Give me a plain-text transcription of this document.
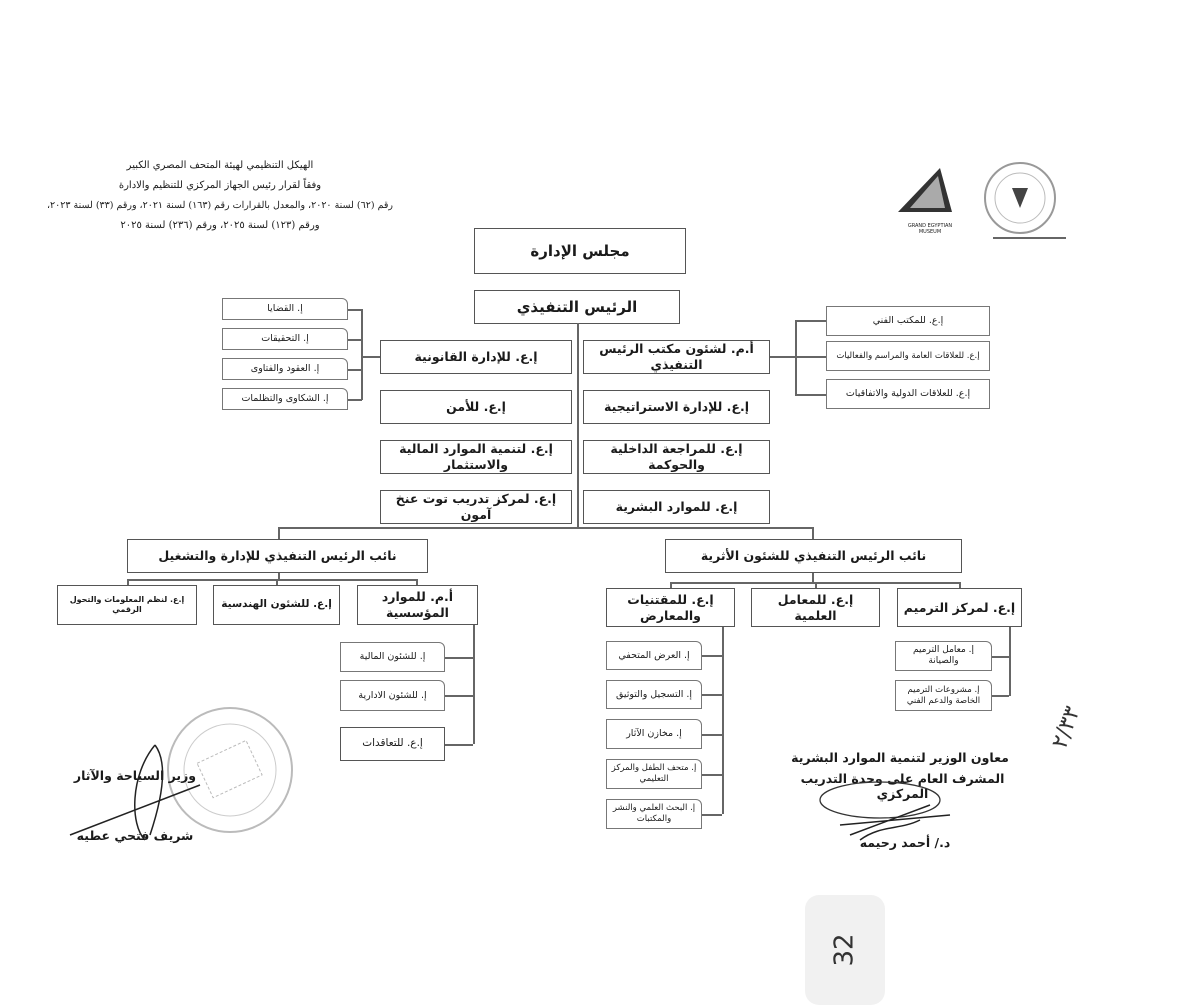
الهيكل التنظيمي لهيئة المتحف المصري الكبير
وفقاً لقرار رئيس الجهاز المركزي للتنظيم والادارة
رقم (٦٢) لسنة ٢٠٢٠، والمعدل بالقرارات رقم (١٦٣) لسنة ٢٠٢١، ورقم (٣٣) لسنة ٢٠٢٣،
ورقم (١٢٣) لسنة ٢٠٢٥، ورقم (٢٣٦) لسنة ٢٠٢٥	GRAND EGYPTIAN MUSEUM
مجلس الإدارة
الرئيس التنفيذي
أ.م. لشئون مكتب الرئيس التنفيذي
إ.ع. للإدارة الاستراتيجية
إ.ع. للمراجعة الداخلية والحوكمة
إ.ع. للموارد البشرية
إ.ع. للإدارة القانونية
إ.ع. للأمن
إ.ع. لتنمية الموارد المالية والاستثمار
إ.ع. لمركز تدريب توت عنخ آمون
إ. القضايا
إ. التحقيقات
إ. العقود والفتاوى
إ. الشكاوى والتظلمات
إ.ع. للمكتب الفني
إ.ع. للعلاقات العامة والمراسم والفعاليات
إ.ع. للعلاقات الدولية والاتفاقيات
نائب الرئيس التنفيذي للإدارة والتشغيل	نائب الرئيس التنفيذي للشئون الأثرية
أ.م. للموارد المؤسسية
إ.ع. للشئون الهندسية
إ.ع. لنظم المعلومات والتحول الرقمي
إ. للشئون المالية
إ. للشئون الادارية
إ.ع. للتعاقدات
إ.ع. لمركز الترميم
إ.ع. للمعامل العلمية
إ.ع. للمقتنيات والمعارض
إ. العرض المتحفي
إ. التسجيل والتوثيق
إ. مخازن الآثار
إ. متحف الطفل والمركز التعليمي
إ. البحث العلمي والنشر والمكتبات
إ. معامل الترميم والصيانة
إ. مشروعات الترميم الخاصة والدعم الفني
وزير السياحة والآثار
شريف فتحي عطيه
معاون الوزير لتنمية الموارد البشرية
المشرف العام على وحدة التدريب المركزي
د./ أحمد رحيمه
٢/٣٣
32
